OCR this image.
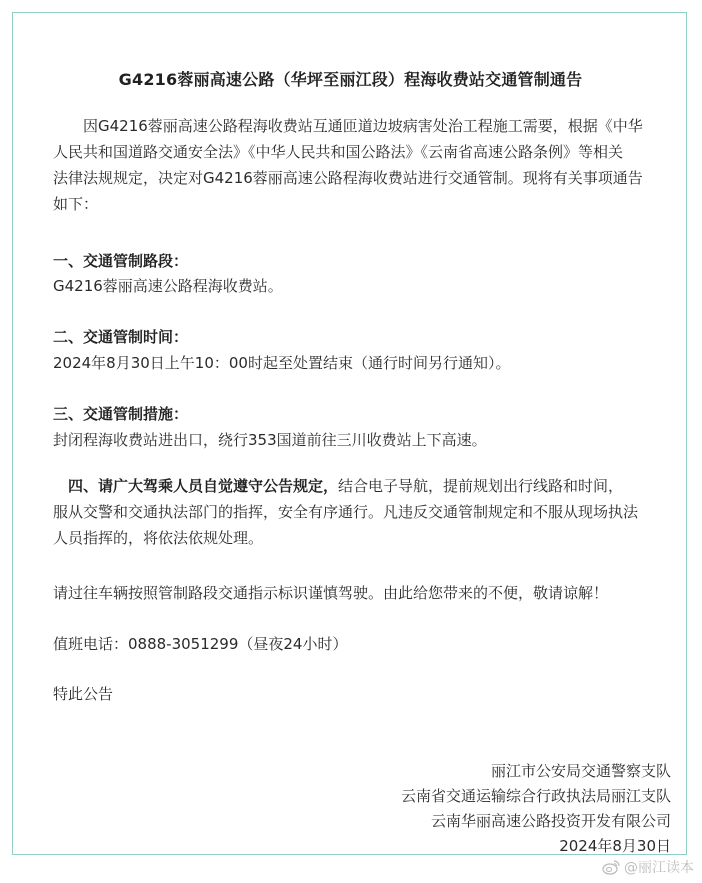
G4216蓉丽高速公路（华坪至丽江段）程海收费站交通管制通告

因G4216蓉丽高速公路程海收费站互通匝道边坡病害处治工程施工需要，根据《中华

人民共和国道路交通安全法》《中华人民共和国公路法》《云南省高速公路条例》等相关
法律法规规定，决定对G4216蓉丽高速公路程海收费站进行交通管制。现将有关事项通告
如下：
一、交通管制路段：
G4216蓉丽高速公路程海收费站。
二、交通管制时间：
2024年8月30日上午10：00时起至处置结束（通行时间另行通知）。
三、交通管制措施：
封闭程海收费站进出口，绕行353国道前往三川收费站上下高速。
四、请广大驾乘人员自觉遵守公告规定，结合电子导航，提前规划出行线路和时间，
服从交警和交通执法部门的指挥，安全有序通行。凡违反交通管制规定和不服从现场执法
人员指挥的，将依法依规处理。
请过往车辆按照管制路段交通指示标识谨慎驾驶。由此给您带来的不便，敬请谅解！
值班电话：0888-3051299（昼夜24小时）
特此公告
丽江市公安局交通警察支队
云南省交通运输综合行政执法局丽江支队
云南华丽高速公路投资开发有限公司
2024年8月30日
@丽江读本
